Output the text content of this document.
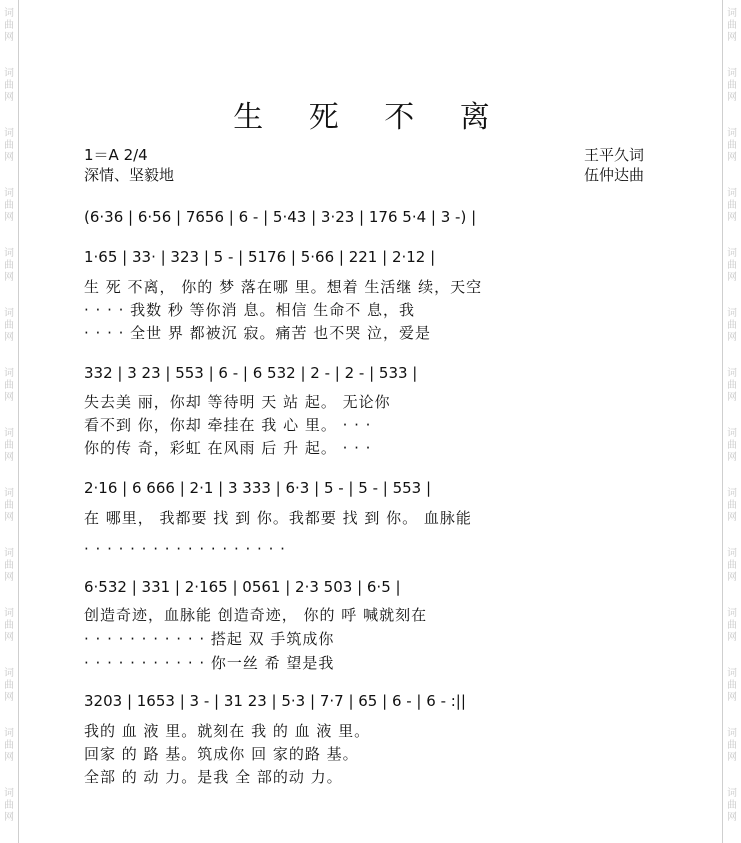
词
曲
网
词
曲
网
词
曲
网
词
曲
网
词
曲
网
词
曲
网
词
曲
网
词
曲
网
词
曲
网
词
曲
网
词
曲
网
词
曲
网
词
曲
网
词
曲
网
词
曲
网
词
曲
网
词
曲
网
词
曲
网
词
曲
网
词
曲
网
词
曲
网
词
曲
网
词
曲
网
词
曲
网
词
曲
网
词
曲
网
词
曲
网
词
曲
网
生 死 不 离
1＝A 2/4
深情、坚毅地
王平久词
伍仲达曲
(6·36 | 6·56 | 7656 | 6 - | 5·43 | 3·23 | 176 5·4 | 3 -) |
1·65 | 33· | 323 | 5 - | 5176 | 5·66 | 221 | 2·12 |
生 死 不离， 你的 梦 落在哪 里。想着 生活继 续，天空
· · · · 我数 秒 等你消 息。相信 生命不 息，我
· · · · 全世 界 都被沉 寂。痛苦 也不哭 泣，爱是
332 | 3 23 | 553 | 6 - | 6 532 | 2 - | 2 - | 533 |
失去美 丽，你却 等待明 天 站 起。 无论你
看不到 你，你却 牵挂在 我 心 里。 · · ·
你的传 奇，彩虹 在风雨 后 升 起。 · · ·
2·16 | 6 666 | 2·1 | 3 333 | 6·3 | 5 - | 5 - | 553 |
在 哪里， 我都要 找 到 你。我都要 找 到 你。 血脉能
· · · · · · · · · · · · · · · · · ·
6·532 | 331 | 2·165 | 0561 | 2·3 503 | 6·5 |
创造奇迹，血脉能 创造奇迹， 你的 呼 喊就刻在
· · · · · · · · · · · 搭起 双 手筑成你
· · · · · · · · · · · 你一丝 希 望是我
3203 | 1653 | 3 - | 31 23 | 5·3 | 7·7 | 65 | 6 - | 6 - :||
我的 血 液 里。就刻在 我 的 血 液 里。
回家 的 路 基。筑成你 回 家的路 基。
全部 的 动 力。是我 全 部的动 力。
